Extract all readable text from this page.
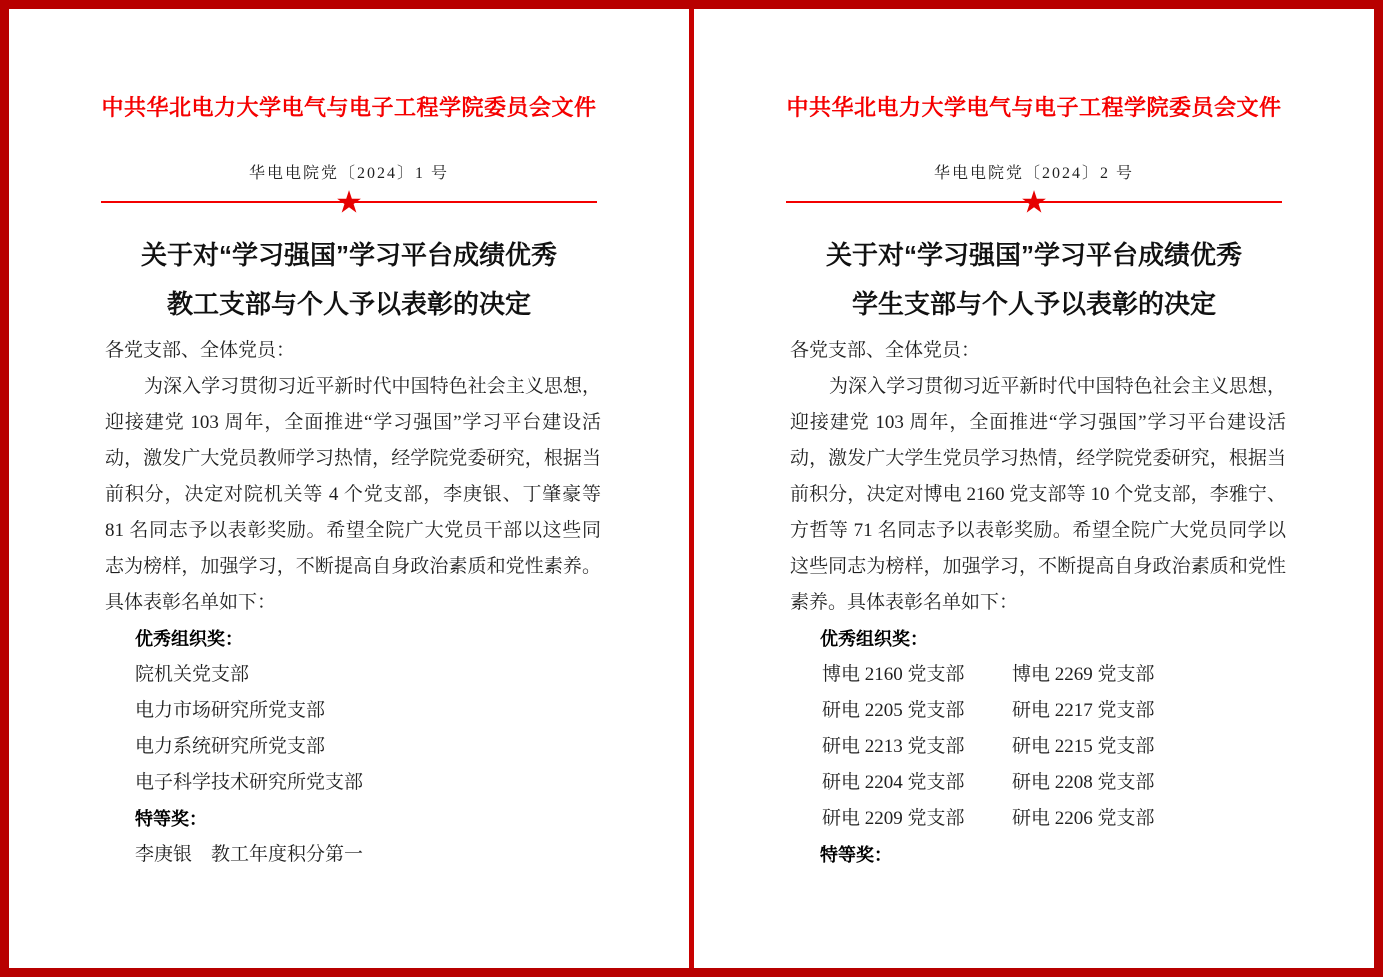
中共华北电力大学电气与电子工程学院委员会文件
华电电院党〔2024〕1 号
★
关于对“学习强国”学习平台成绩优秀
教工支部与个人予以表彰的决定
各党支部、全体党员：
为深入学习贯彻习近平新时代中国特色社会主义思想，迎接建党 103 周年，全面推进“学习强国”学习平台建设活动，激发广大党员教师学习热情，经学院党委研究，根据当前积分，决定对院机关等 4 个党支部，李庚银、丁肇豪等 81 名同志予以表彰奖励。希望全院广大党员干部以这些同志为榜样，加强学习，不断提高自身政治素质和党性素养。具体表彰名单如下：
优秀组织奖：
院机关党支部
电力市场研究所党支部
电力系统研究所党支部
电子科学技术研究所党支部
特等奖：
李庚银　教工年度积分第一
中共华北电力大学电气与电子工程学院委员会文件
华电电院党〔2024〕2 号
★
关于对“学习强国”学习平台成绩优秀
学生支部与个人予以表彰的决定
各党支部、全体党员：
为深入学习贯彻习近平新时代中国特色社会主义思想，迎接建党 103 周年，全面推进“学习强国”学习平台建设活动，激发广大学生党员学习热情，经学院党委研究，根据当前积分，决定对博电 2160 党支部等 10 个党支部，李雅宁、方哲等 71 名同志予以表彰奖励。希望全院广大党员同学以这些同志为榜样，加强学习，不断提高自身政治素质和党性素养。具体表彰名单如下：
优秀组织奖：
博电 2160 党支部	博电 2269 党支部
研电 2205 党支部	研电 2217 党支部
研电 2213 党支部	研电 2215 党支部
研电 2204 党支部	研电 2208 党支部
研电 2209 党支部	研电 2206 党支部
特等奖：
